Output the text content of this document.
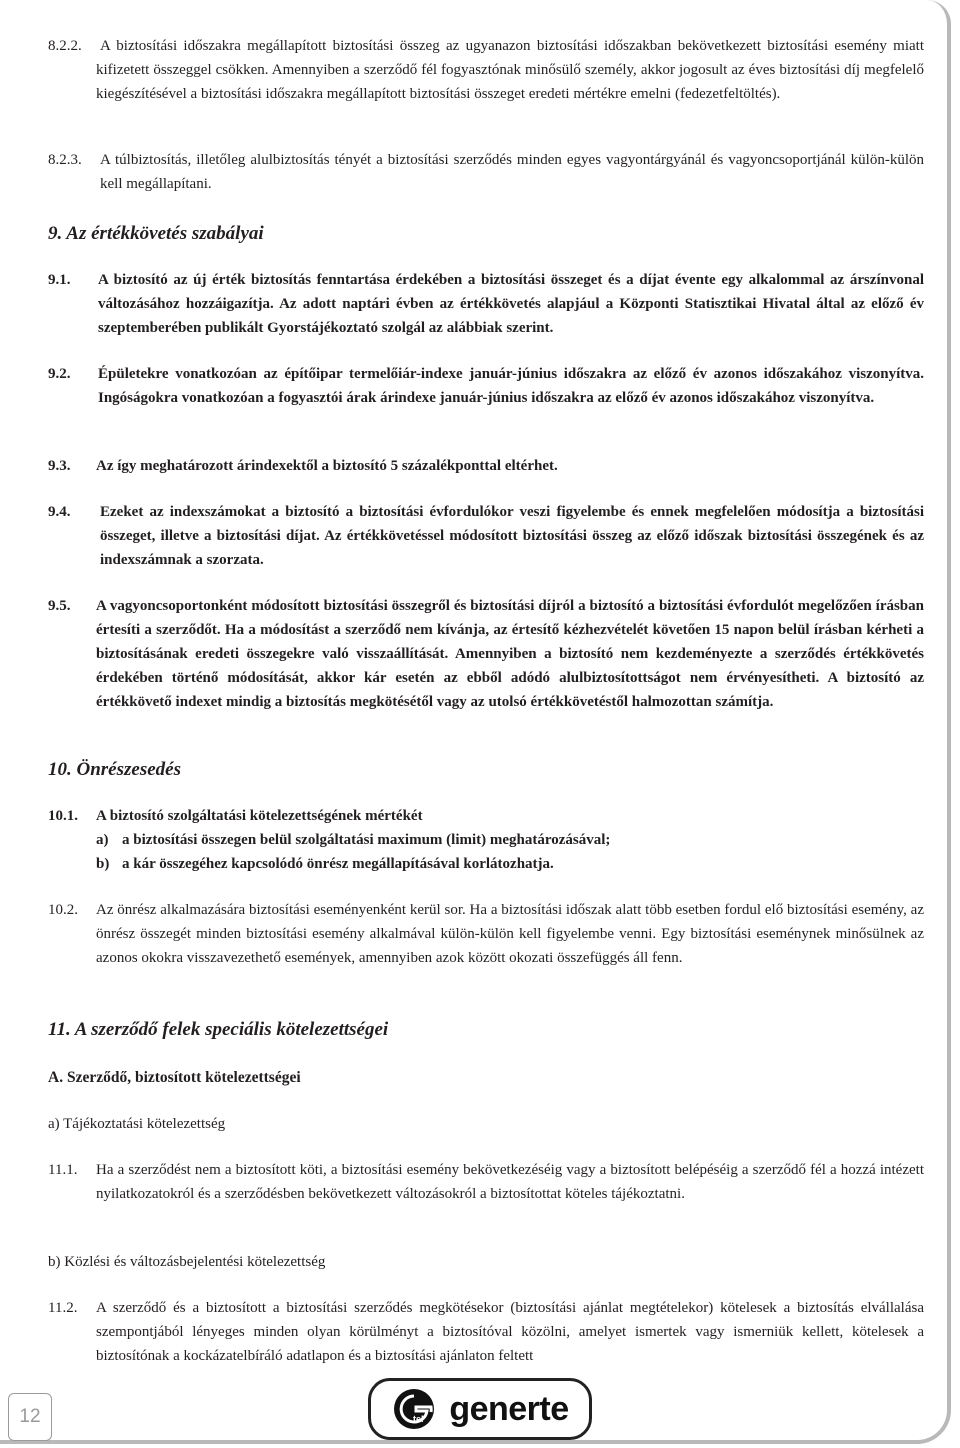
8.2.2.	A biztosítási időszakra megállapított biztosítási összeg az ugyanazon biztosítási időszakban bekövetkezett biztosítási esemény miatt kifizetett összeggel csökken. Amennyiben a szerződő fél fogyasztónak minősülő személy, akkor jogosult az éves biztosítási díj megfelelő kiegészítésével a biztosítási időszakra megállapított biztosítási összeget eredeti mértékre emelni (fedezetfeltöltés).
8.2.3.	A túlbiztosítás, illetőleg alulbiztosítás tényét a biztosítási szerződés minden egyes vagyontárgyánál és vagyoncsoportjánál külön-külön kell megállapítani.
9. Az értékkövetés szabályai
9.1.	A biztosító az új érték biztosítás fenntartása érdekében a biztosítási összeget és a díjat évente egy alkalommal az árszínvonal változásához hozzáigazítja. Az adott naptári évben az értékkövetés alapjául a Központi Statisztikai Hivatal által az előző év szeptemberében publikált Gyorstájékoztató szolgál az alábbiak szerint.
9.2.	Épületekre vonatkozóan az építőipar termelőiár-indexe január-június időszakra az előző év azonos időszakához viszonyítva. Ingóságokra vonatkozóan a fogyasztói árak árindexe január-június időszakra az előző év azonos időszakához viszonyítva.
9.3.	Az így meghatározott árindexektől a biztosító 5 százalékponttal eltérhet.
9.4.	Ezeket az indexszámokat a biztosító a biztosítási évfordulókor veszi figyelembe és ennek megfelelően módosítja a biztosítási összeget, illetve a biztosítási díjat. Az értékkövetéssel módosított biztosítási összeg az előző időszak biztosítási összegének és az indexszámnak a szorzata.
9.5.	A vagyoncsoportonként módosított biztosítási összegről és biztosítási díjról a biztosító a biztosítási évfordulót megelőzően írásban értesíti a szerződőt. Ha a módosítást a szerződő nem kívánja, az értesítő kézhezvételét követően 15 napon belül írásban kérheti a biztosításának eredeti összegekre való visszaállítását. Amennyiben a biztosító nem kezdeményezte a szerződés értékkövetés érdekében történő módosítását, akkor kár esetén az ebből adódó alulbiztosítottságot nem érvényesítheti. A biztosító az értékkövető indexet mindig a biztosítás megkötésétől vagy az utolsó értékkövetéstől halmozottan számítja.
10. Önrészesedés
10.1.	A biztosító szolgáltatási kötelezettségének mértékét
a) a biztosítási összegen belül szolgáltatási maximum (limit) meghatározásával;
b) a kár összegéhez kapcsolódó önrész megállapításával korlátozhatja.
10.2.	Az önrész alkalmazására biztosítási eseményenként kerül sor. Ha a biztosítási időszak alatt több esetben fordul elő biztosítási esemény, az önrész összegét minden biztosítási esemény alkalmával külön-külön kell figyelembe venni. Egy biztosítási eseménynek minősülnek az azonos okokra visszavezethető események, amennyiben azok között okozati összefüggés áll fenn.
11. A szerződő felek speciális kötelezettségei
A. Szerződő, biztosított kötelezettségei
a) Tájékoztatási kötelezettség
11.1.	Ha a szerződést nem a biztosított köti, a biztosítási esemény bekövetkezéséig vagy a biztosított belépéséig a szerződő fél a hozzá intézett nyilatkozatokról és a szerződésben bekövetkezett változásokról a biztosítottat köteles tájékoztatni.
b) Közlési és változásbejelentési kötelezettség
11.2.	A szerződő és a biztosított a biztosítási szerződés megkötésekor (biztosítási ajánlat megtételekor) kötelesek a biztosítás elvállalása szempontjából lényeges minden olyan körülményt a biztosítóval közölni, amelyet ismertek vagy ismerniük kellett, kötelesek a biztosítónak a kockázatelbíráló adatlapon és a biztosítási ajánlaton feltett
12	tel generte
